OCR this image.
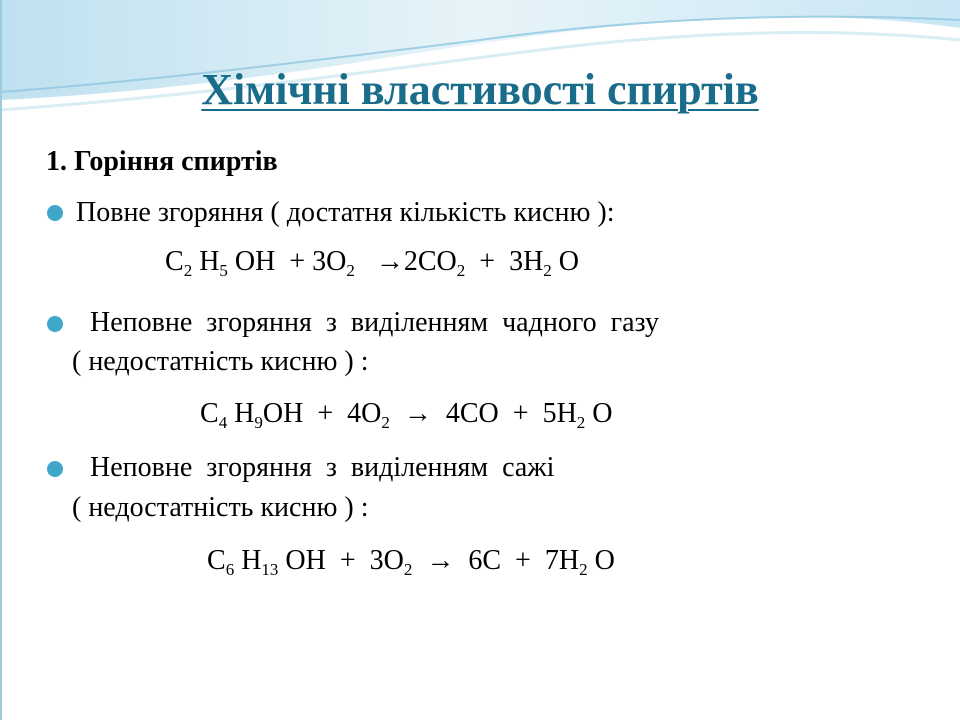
Хімічні властивості спиртів
1. Горіння спиртів
Повне згоряння ( достатня кількість кисню ):
$C_2$ $H_5$ OH  + $3O_2 \to 2CO_2 + 3H_2$ O
Неповне  згоряння  з  виділенням  чадного  газу
( недостатність кисню ) :
$C_4$ $H_9OH + 4O_2 \to 4CO + 5H_2$ O
Неповне  згоряння  з  виділенням  сажі
( недостатність кисню ) :
$C_6$ $H_{13}$ OH  +  $3O_2 \to 6C + 7H_2$ O
